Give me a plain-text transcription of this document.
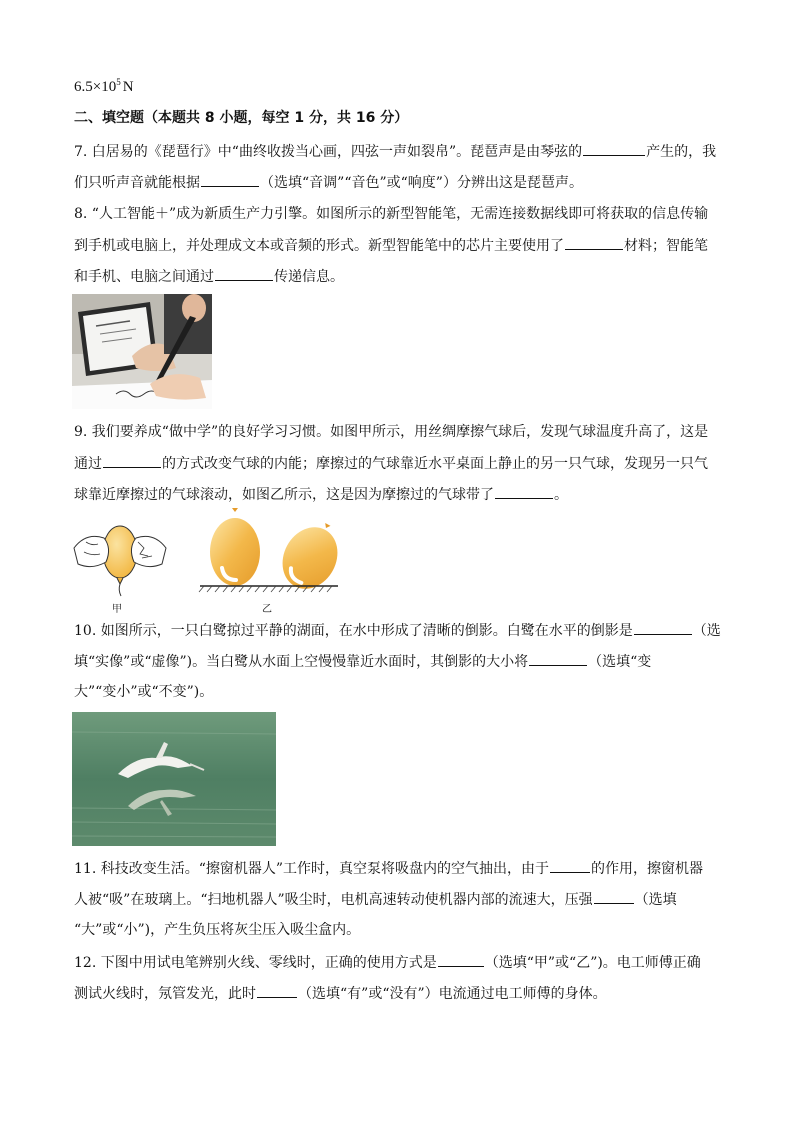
$6.5\times 10^5$ N
二、填空题（本题共 8 小题，每空 1 分，共 16 分）
7. 白居易的《琵琶行》中“曲终收拨当心画，四弦一声如裂帛”。琵琶声是由琴弦的	产生的，我
们只听声音就能根据	（选填“音调”“音色”或“响度”）分辨出这是琵琶声。
8. “人工智能＋”成为新质生产力引擎。如图所示的新型智能笔，无需连接数据线即可将获取的信息传输
到手机或电脑上，并处理成文本或音频的形式。新型智能笔中的芯片主要使用了	材料；智能笔
和手机、电脑之间通过	传递信息。
9. 我们要养成“做中学”的良好学习习惯。如图甲所示，用丝绸摩擦气球后，发现气球温度升高了，这是
通过	的方式改变气球的内能；摩擦过的气球靠近水平桌面上静止的另一只气球，发现另一只气
球靠近摩擦过的气球滚动，如图乙所示，这是因为摩擦过的气球带了	。
甲	乙
10. 如图所示，一只白鹭掠过平静的湖面，在水中形成了清晰的倒影。白鹭在水平的倒影是	（选
填“实像”或“虚像”)。当白鹭从水面上空慢慢靠近水面时，其倒影的大小将	（选填“变
大”“变小”或“不变”)。
11. 科技改变生活。“擦窗机器人”工作时，真空泵将吸盘内的空气抽出，由于	的作用，擦窗机器
人被“吸”在玻璃上。“扫地机器人”吸尘时，电机高速转动使机器内部的流速大，压强	（选填
“大”或“小”)，产生负压将灰尘压入吸尘盒内。
12. 下图中用试电笔辨别火线、零线时，正确的使用方式是	（选填“甲”或“乙”)。电工师傅正确
测试火线时，氖管发光，此时	（选填“有”或“没有”）电流通过电工师傅的身体。
